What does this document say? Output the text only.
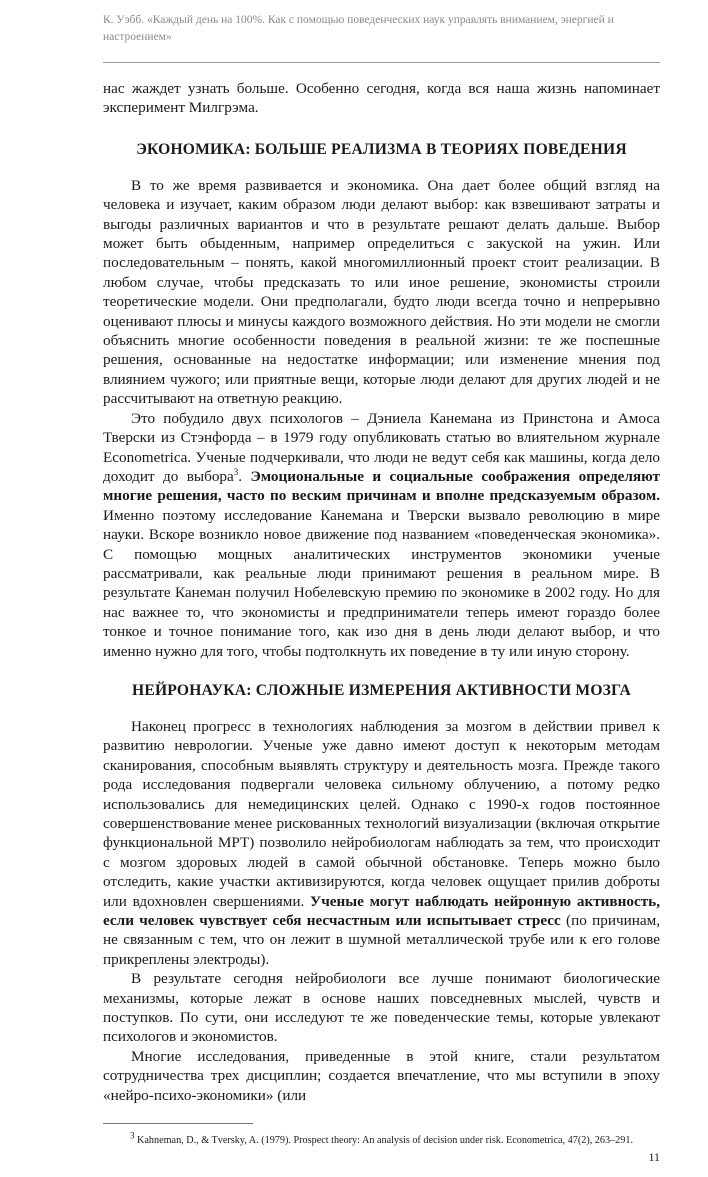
К. Уэбб. «Каждый день на 100%. Как с помощью поведенческих наук управлять вниманием, энергией и настроением»

нас жаждет узнать больше. Особенно сегодня, когда вся наша жизнь напоминает эксперимент Милгрэма.

ЭКОНОМИКА: БОЛЬШЕ РЕАЛИЗМА В ТЕОРИЯХ ПОВЕДЕНИЯ

В то же время развивается и экономика. Она дает более общий взгляд на человека и изучает, каким образом люди делают выбор: как взвешивают затраты и выгоды различных вариантов и что в результате решают делать дальше. Выбор может быть обыденным, например определиться с закуской на ужин. Или последовательным – понять, какой многомиллионный проект стоит реализации. В любом случае, чтобы предсказать то или иное решение, экономисты строили теоретические модели. Они предполагали, будто люди всегда точно и непрерывно оценивают плюсы и минусы каждого возможного действия. Но эти модели не смогли объяснить многие особенности поведения в реальной жизни: те же поспешные решения, основанные на недостатке информации; или изменение мнения под влиянием чужого; или приятные вещи, которые люди делают для других людей и не рассчитывают на ответную реакцию.

Это побудило двух психологов – Дэниела Канемана из Принстона и Амоса Тверски из Стэнфорда – в 1979 году опубликовать статью во влиятельном журнале Econometrica. Ученые подчеркивали, что люди не ведут себя как машины, когда дело доходит до выбора$^3$. Эмоциональные и социальные соображения определяют многие решения, часто по веским причинам и вполне предсказуемым образом. Именно поэтому исследование Канемана и Тверски вызвало революцию в мире науки. Вскоре возникло новое движение под названием «поведенческая экономика». С помощью мощных аналитических инструментов экономики ученые рассматривали, как реальные люди принимают решения в реальном мире. В результате Канеман получил Нобелевскую премию по экономике в 2002 году. Но для нас важнее то, что экономисты и предприниматели теперь имеют гораздо более тонкое и точное понимание того, как изо дня в день люди делают выбор, и что именно нужно для того, чтобы подтолкнуть их поведение в ту или иную сторону.

НЕЙРОНАУКА: СЛОЖНЫЕ ИЗМЕРЕНИЯ АКТИВНОСТИ МОЗГА

Наконец прогресс в технологиях наблюдения за мозгом в действии привел к развитию неврологии. Ученые уже давно имеют доступ к некоторым методам сканирования, способным выявлять структуру и деятельность мозга. Прежде такого рода исследования подвергали человека сильному облучению, а потому редко использовались для немедицинских целей. Однако с 1990-х годов постоянное совершенствование менее рискованных технологий визуализации (включая открытие функциональной МРТ) позволило нейробиологам наблюдать за тем, что происходит с мозгом здоровых людей в самой обычной обстановке. Теперь можно было отследить, какие участки активизируются, когда человек ощущает прилив доброты или вдохновлен свершениями. Ученые могут наблюдать нейронную активность, если человек чувствует себя несчастным или испытывает стресс (по причинам, не связанным с тем, что он лежит в шумной металлической трубе или к его голове прикреплены электроды).

В результате сегодня нейробиологи все лучше понимают биологические механизмы, которые лежат в основе наших повседневных мыслей, чувств и поступков. По сути, они исследуют те же поведенческие темы, которые увлекают психологов и экономистов.

Многие исследования, приведенные в этой книге, стали результатом сотрудничества трех дисциплин; создается впечатление, что мы вступили в эпоху «нейро-психо-экономики» (или

$^3$ Kahneman, D., & Tversky, A. (1979). Prospect theory: An analysis of decision under risk. Econometrica, 47(2), 263–291.
11
